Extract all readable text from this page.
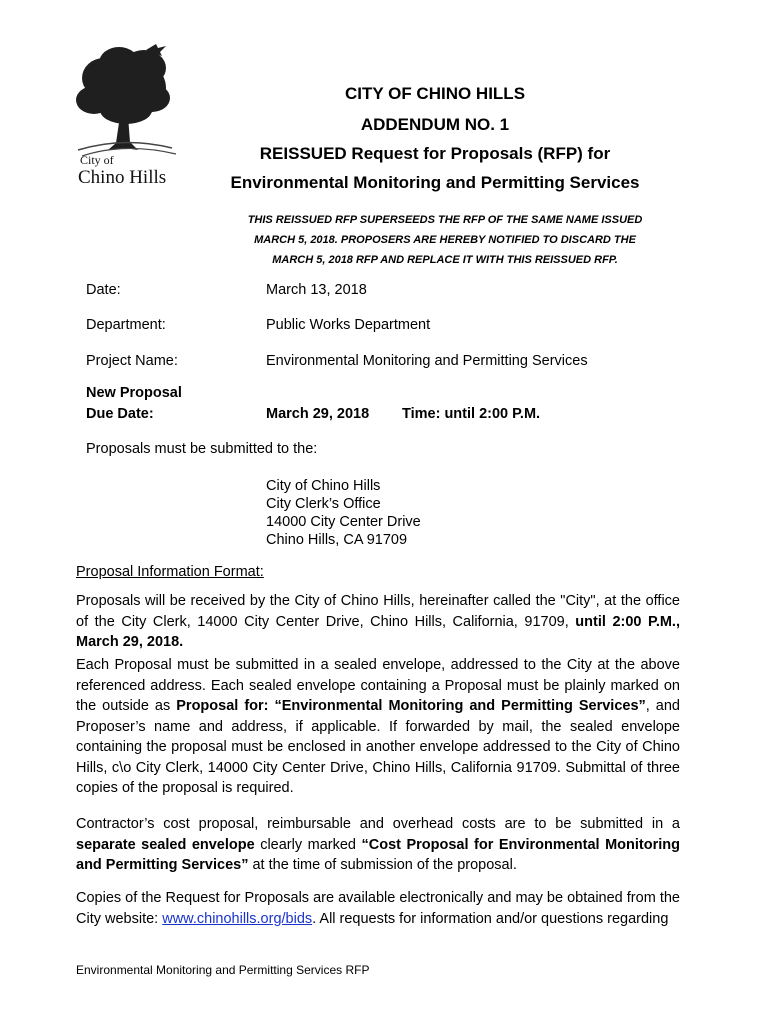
City of
Chino Hills
CITY OF CHINO HILLS
ADDENDUM NO. 1
REISSUED Request for Proposals (RFP) for
Environmental Monitoring and Permitting Services
THIS REISSUED RFP SUPERSEEDS THE RFP OF THE SAME NAME ISSUED
MARCH 5, 2018. PROPOSERS ARE HEREBY NOTIFIED TO DISCARD THE
MARCH 5, 2018 RFP AND REPLACE IT WITH THIS REISSUED RFP.
Date:	March 13, 2018
Department:	Public Works Department
Project Name:	Environmental Monitoring and Permitting Services
New Proposal
Due Date:	March 29, 2018 Time: until 2:00 P.M.
Proposals must be submitted to the:
City of Chino Hills
City Clerk’s Office
14000 City Center Drive
Chino Hills, CA 91709
Proposal Information Format:

Proposals will be received by the City of Chino Hills, hereinafter called the "City", at the office of the City Clerk, 14000 City Center Drive, Chino Hills, California, 91709, until 2:00 P.M., March 29, 2018.

Each Proposal must be submitted in a sealed envelope, addressed to the City at the above referenced address. Each sealed envelope containing a Proposal must be plainly marked on the outside as Proposal for: “Environmental Monitoring and Permitting Services”, and Proposer’s name and address, if applicable. If forwarded by mail, the sealed envelope containing the proposal must be enclosed in another envelope addressed to the City of Chino Hills, c\o City Clerk, 14000 City Center Drive, Chino Hills, California 91709. Submittal of three copies of the proposal is required.

Contractor’s cost proposal, reimbursable and overhead costs are to be submitted in a separate sealed envelope clearly marked “Cost Proposal for Environmental Monitoring and Permitting Services” at the time of submission of the proposal.

Copies of the Request for Proposals are available electronically and may be obtained from the City website: www.chinohills.org/bids. All requests for information and/or questions regarding

Environmental Monitoring and Permitting Services RFP
